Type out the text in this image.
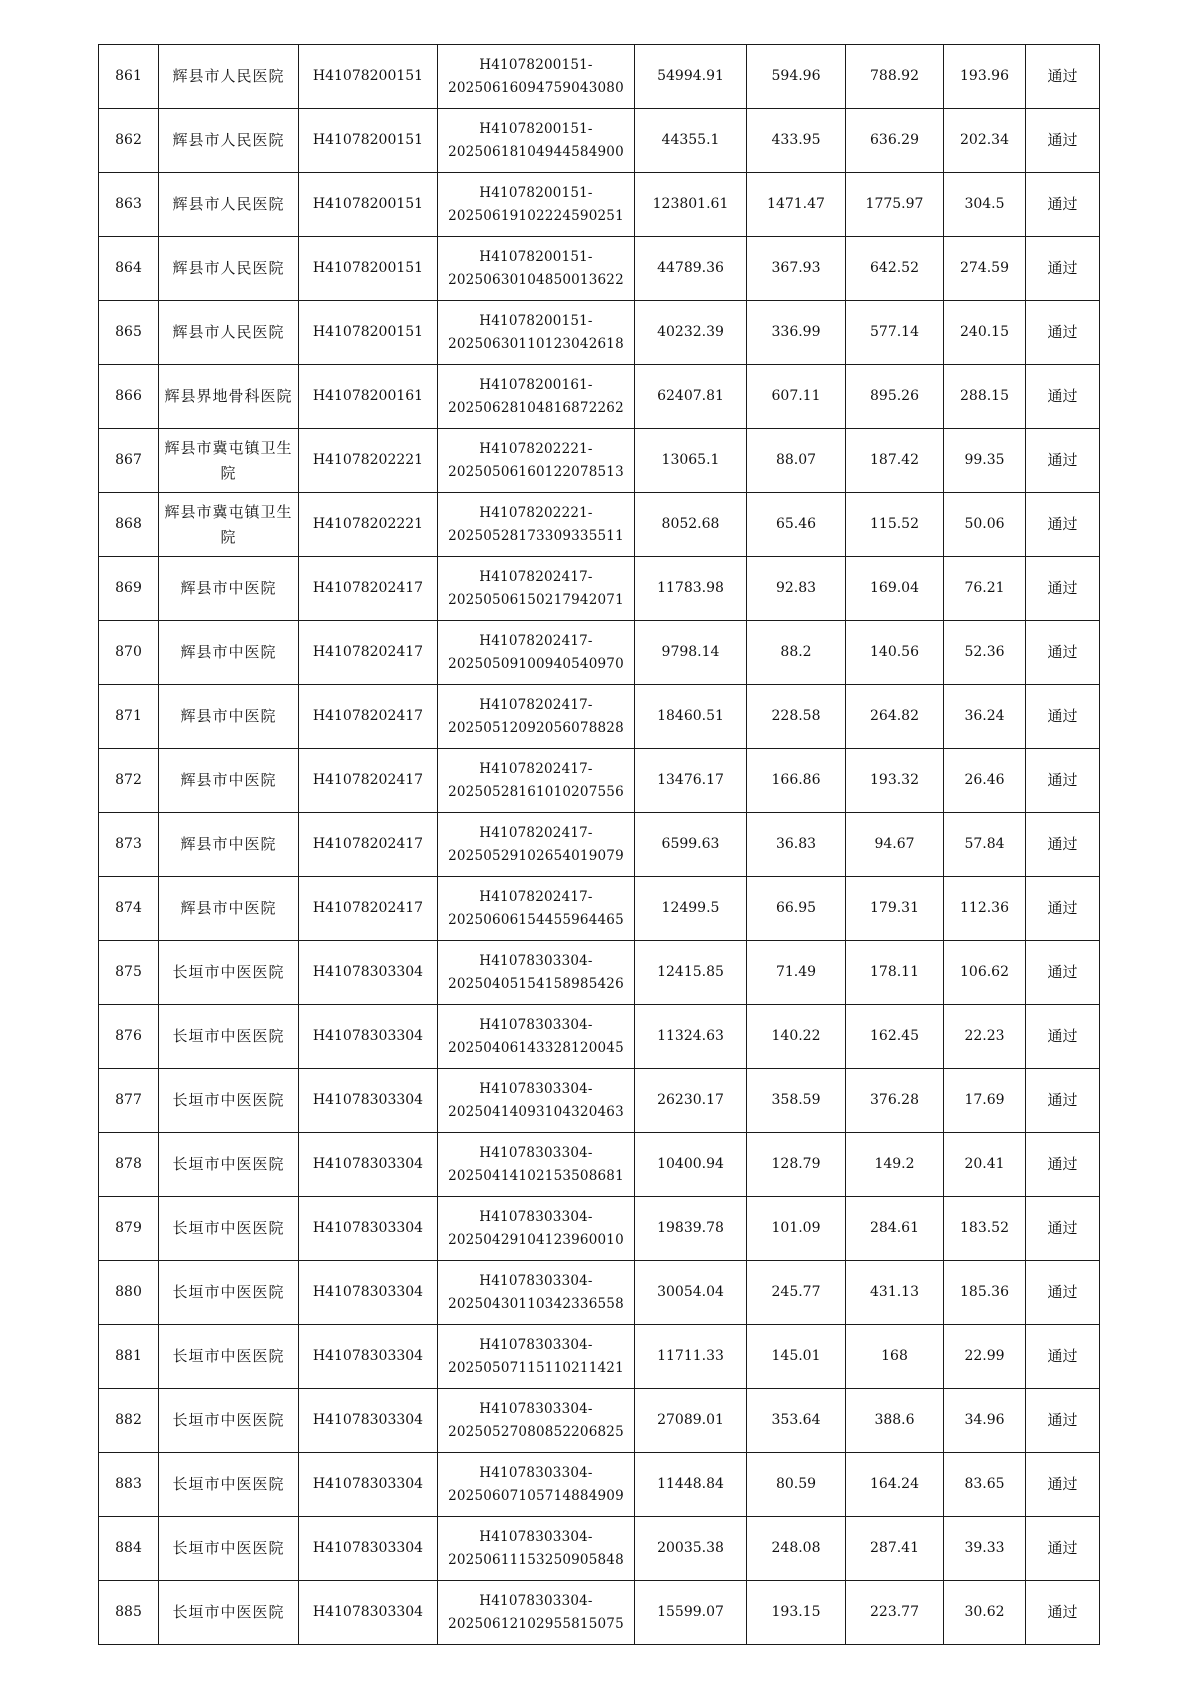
861	辉县市人民医院	H41078200151	H41078200151-20250616094759043080	54994.91	594.96	788.92	193.96	通过
862	辉县市人民医院	H41078200151	H41078200151-20250618104944584900	44355.1	433.95	636.29	202.34	通过
863	辉县市人民医院	H41078200151	H41078200151-20250619102224590251	123801.61	1471.47	1775.97	304.5	通过
864	辉县市人民医院	H41078200151	H41078200151-20250630104850013622	44789.36	367.93	642.52	274.59	通过
865	辉县市人民医院	H41078200151	H41078200151-20250630110123042618	40232.39	336.99	577.14	240.15	通过
866	辉县界地骨科医院	H41078200161	H41078200161-20250628104816872262	62407.81	607.11	895.26	288.15	通过
867	辉县市冀屯镇卫生院	H41078202221	H41078202221-20250506160122078513	13065.1	88.07	187.42	99.35	通过
868	辉县市冀屯镇卫生院	H41078202221	H41078202221-20250528173309335511	8052.68	65.46	115.52	50.06	通过
869	辉县市中医院	H41078202417	H41078202417-20250506150217942071	11783.98	92.83	169.04	76.21	通过
870	辉县市中医院	H41078202417	H41078202417-20250509100940540970	9798.14	88.2	140.56	52.36	通过
871	辉县市中医院	H41078202417	H41078202417-20250512092056078828	18460.51	228.58	264.82	36.24	通过
872	辉县市中医院	H41078202417	H41078202417-20250528161010207556	13476.17	166.86	193.32	26.46	通过
873	辉县市中医院	H41078202417	H41078202417-20250529102654019079	6599.63	36.83	94.67	57.84	通过
874	辉县市中医院	H41078202417	H41078202417-20250606154455964465	12499.5	66.95	179.31	112.36	通过
875	长垣市中医医院	H41078303304	H41078303304-20250405154158985426	12415.85	71.49	178.11	106.62	通过
876	长垣市中医医院	H41078303304	H41078303304-20250406143328120045	11324.63	140.22	162.45	22.23	通过
877	长垣市中医医院	H41078303304	H41078303304-20250414093104320463	26230.17	358.59	376.28	17.69	通过
878	长垣市中医医院	H41078303304	H41078303304-20250414102153508681	10400.94	128.79	149.2	20.41	通过
879	长垣市中医医院	H41078303304	H41078303304-20250429104123960010	19839.78	101.09	284.61	183.52	通过
880	长垣市中医医院	H41078303304	H41078303304-20250430110342336558	30054.04	245.77	431.13	185.36	通过
881	长垣市中医医院	H41078303304	H41078303304-20250507115110211421	11711.33	145.01	168	22.99	通过
882	长垣市中医医院	H41078303304	H41078303304-20250527080852206825	27089.01	353.64	388.6	34.96	通过
883	长垣市中医医院	H41078303304	H41078303304-20250607105714884909	11448.84	80.59	164.24	83.65	通过
884	长垣市中医医院	H41078303304	H41078303304-20250611153250905848	20035.38	248.08	287.41	39.33	通过
885	长垣市中医医院	H41078303304	H41078303304-20250612102955815075	15599.07	193.15	223.77	30.62	通过
